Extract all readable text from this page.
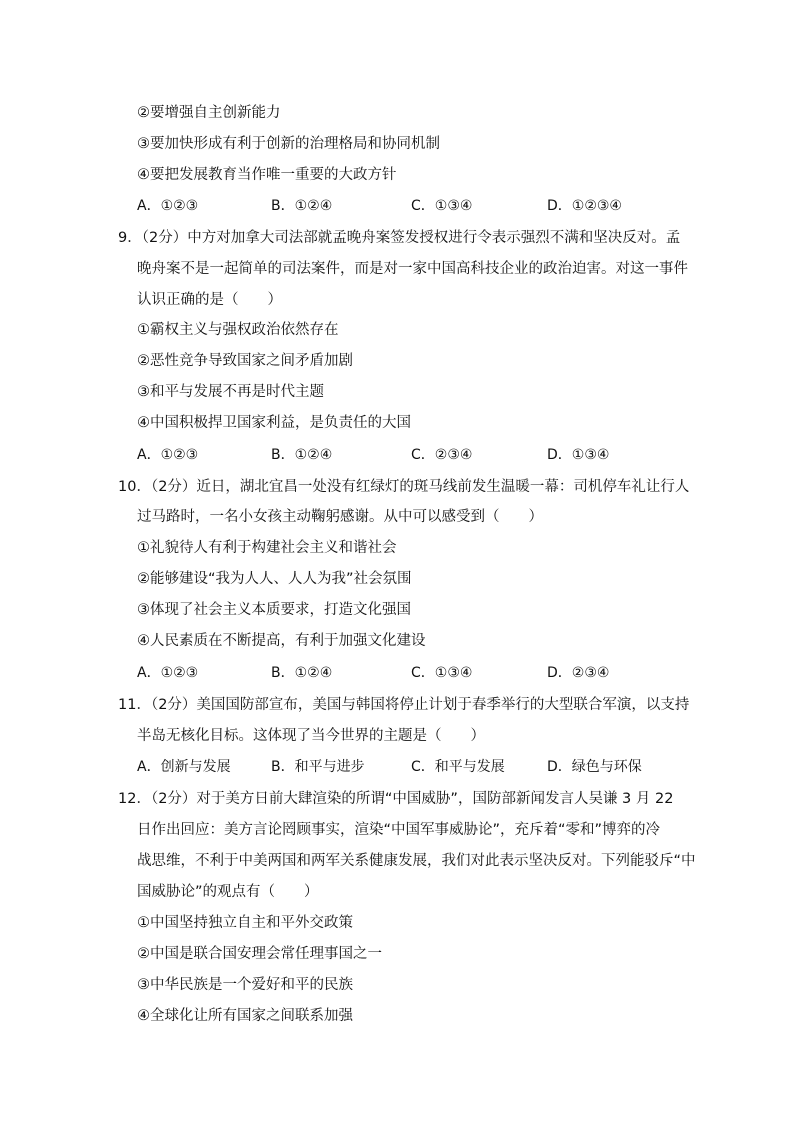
②要增强自主创新能力
③要加快形成有利于创新的治理格局和协同机制
④要把发展教育当作唯一重要的大政方针
A．①②③	B．①②④	C．①③④	D．①②③④
9．（2分）中方对加拿大司法部就孟晚舟案签发授权进行令表示强烈不满和坚决反对。孟
晚舟案不是一起简单的司法案件，而是对一家中国高科技企业的政治迫害。对这一事件
认识正确的是（　　）
①霸权主义与强权政治依然存在
②恶性竞争导致国家之间矛盾加剧
③和平与发展不再是时代主题
④中国积极捍卫国家利益，是负责任的大国
A．①②③	B．①②④	C．②③④	D．①③④
10．（2分）近日，湖北宜昌一处没有红绿灯的斑马线前发生温暖一幕：司机停车礼让行人
过马路时，一名小女孩主动鞠躬感谢。从中可以感受到（　　）
①礼貌待人有利于构建社会主义和谐社会
②能够建设“我为人人、人人为我”社会氛围
③体现了社会主义本质要求，打造文化强国
④人民素质在不断提高，有利于加强文化建设
A．①②③	B．①②④	C．①③④	D．②③④
11．（2分）美国国防部宣布，美国与韩国将停止计划于春季举行的大型联合军演，以支持
半岛无核化目标。这体现了当今世界的主题是（　　）
A．创新与发展	B．和平与进步	C．和平与发展	D．绿色与环保
12．（2分）对于美方日前大肆渲染的所谓“中国威胁”，国防部新闻发言人吴谦 3 月 22
日作出回应：美方言论罔顾事实，渲染“中国军事威胁论”，充斥着“零和”博弈的冷
战思维，不利于中美两国和两军关系健康发展，我们对此表示坚决反对。下列能驳斥“中
国威胁论”的观点有（　　）
①中国坚持独立自主和平外交政策
②中国是联合国安理会常任理事国之一
③中华民族是一个爱好和平的民族
④全球化让所有国家之间联系加强
